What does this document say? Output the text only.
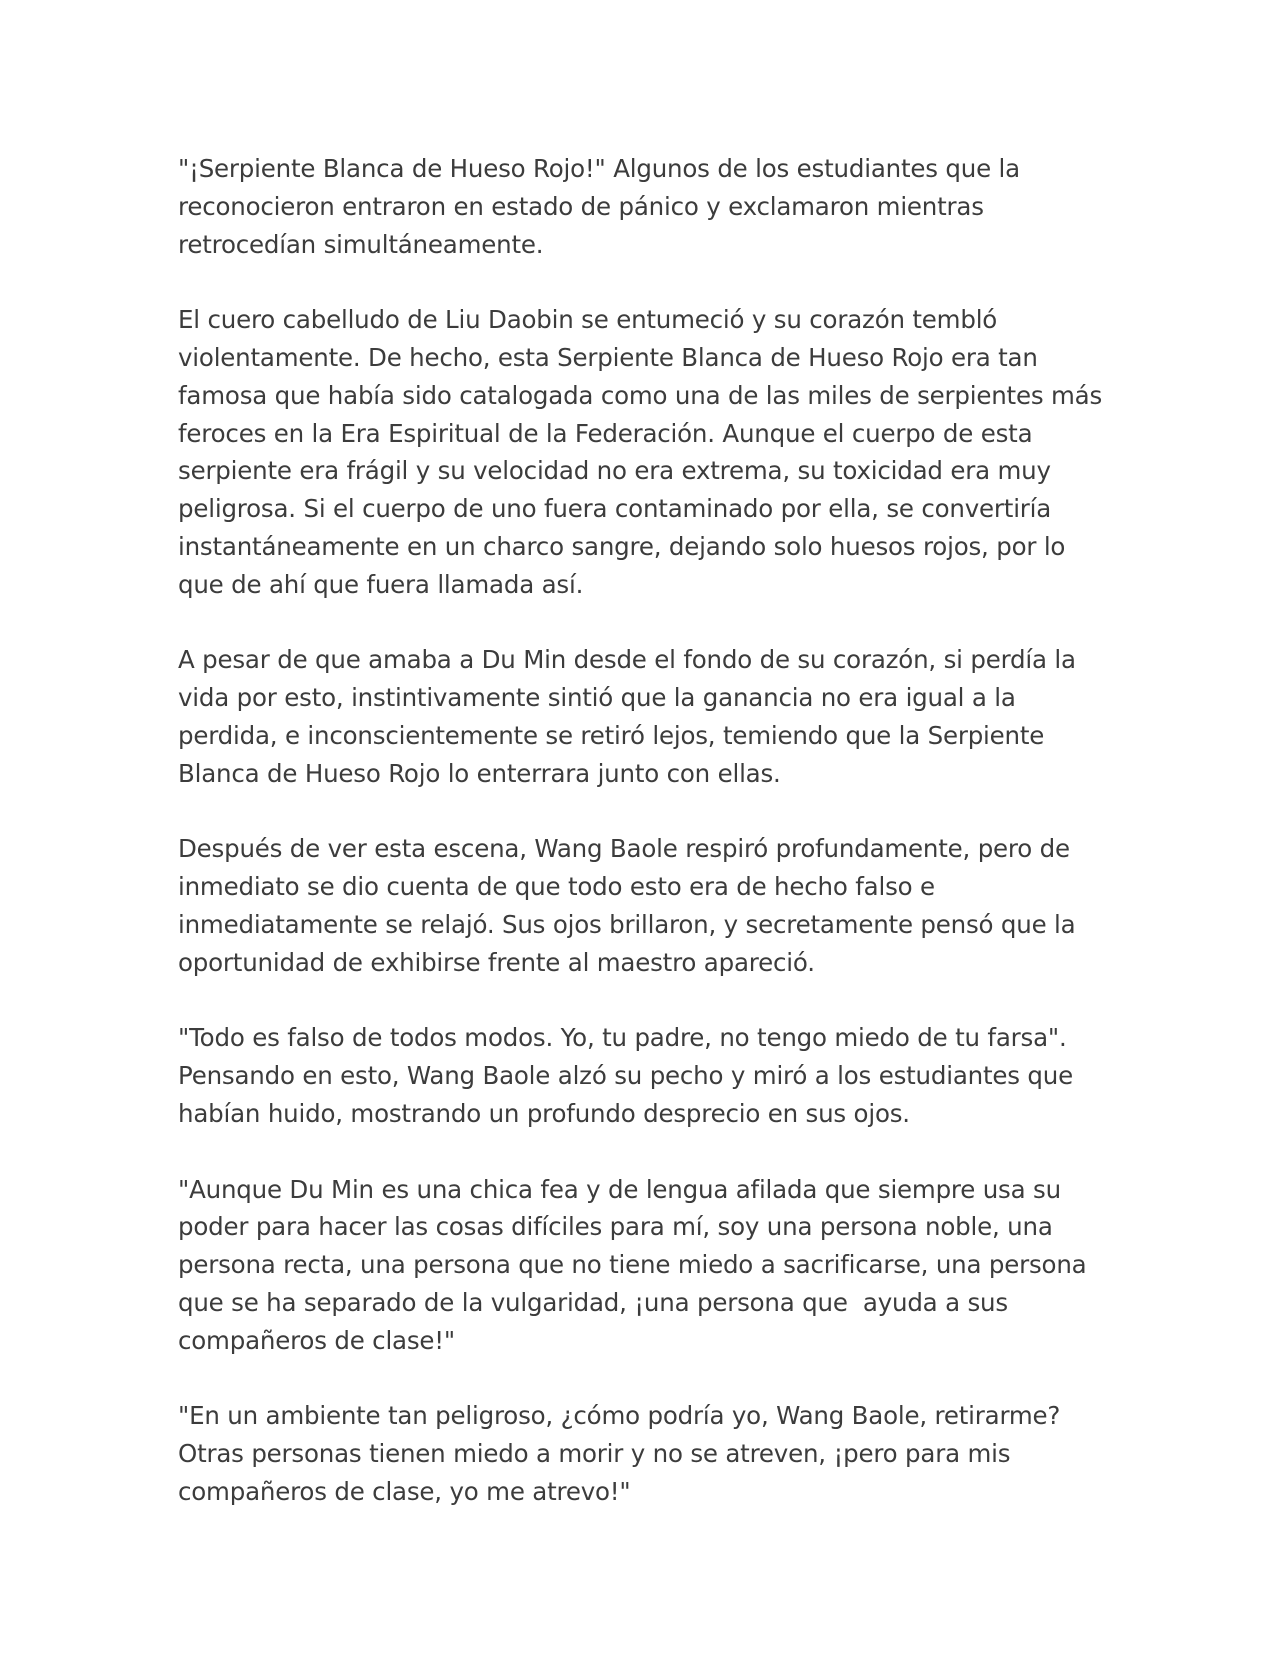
"¡Serpiente Blanca de Hueso Rojo!" Algunos de los estudiantes que la reconocieron entraron en estado de pánico y exclamaron mientras retrocedían simultáneamente.

El cuero cabelludo de Liu Daobin se entumeció y su corazón tembló violentamente. De hecho, esta Serpiente Blanca de Hueso Rojo era tan famosa que había sido catalogada como una de las miles de serpientes más feroces en la Era Espiritual de la Federación. Aunque el cuerpo de esta serpiente era frágil y su velocidad no era extrema, su toxicidad era muy peligrosa. Si el cuerpo de uno fuera contaminado por ella, se convertiría instantáneamente en un charco sangre, dejando solo huesos rojos, por lo que de ahí que fuera llamada así.

A pesar de que amaba a Du Min desde el fondo de su corazón, si perdía la vida por esto, instintivamente sintió que la ganancia no era igual a la perdida, e inconscientemente se retiró lejos, temiendo que la Serpiente Blanca de Hueso Rojo lo enterrara junto con ellas.

Después de ver esta escena, Wang Baole respiró profundamente, pero de inmediato se dio cuenta de que todo esto era de hecho falso e inmediatamente se relajó. Sus ojos brillaron, y secretamente pensó que la oportunidad de exhibirse frente al maestro apareció.

"Todo es falso de todos modos. Yo, tu padre, no tengo miedo de tu farsa". Pensando en esto, Wang Baole alzó su pecho y miró a los estudiantes que habían huido, mostrando un profundo desprecio en sus ojos.

"Aunque Du Min es una chica fea y de lengua afilada que siempre usa su poder para hacer las cosas difíciles para mí, soy una persona noble, una persona recta, una persona que no tiene miedo a sacrificarse, una persona que se ha separado de la vulgaridad, ¡una persona que  ayuda a sus compañeros de clase!"

"En un ambiente tan peligroso, ¿cómo podría yo, Wang Baole, retirarme? Otras personas tienen miedo a morir y no se atreven, ¡pero para mis compañeros de clase, yo me atrevo!"
